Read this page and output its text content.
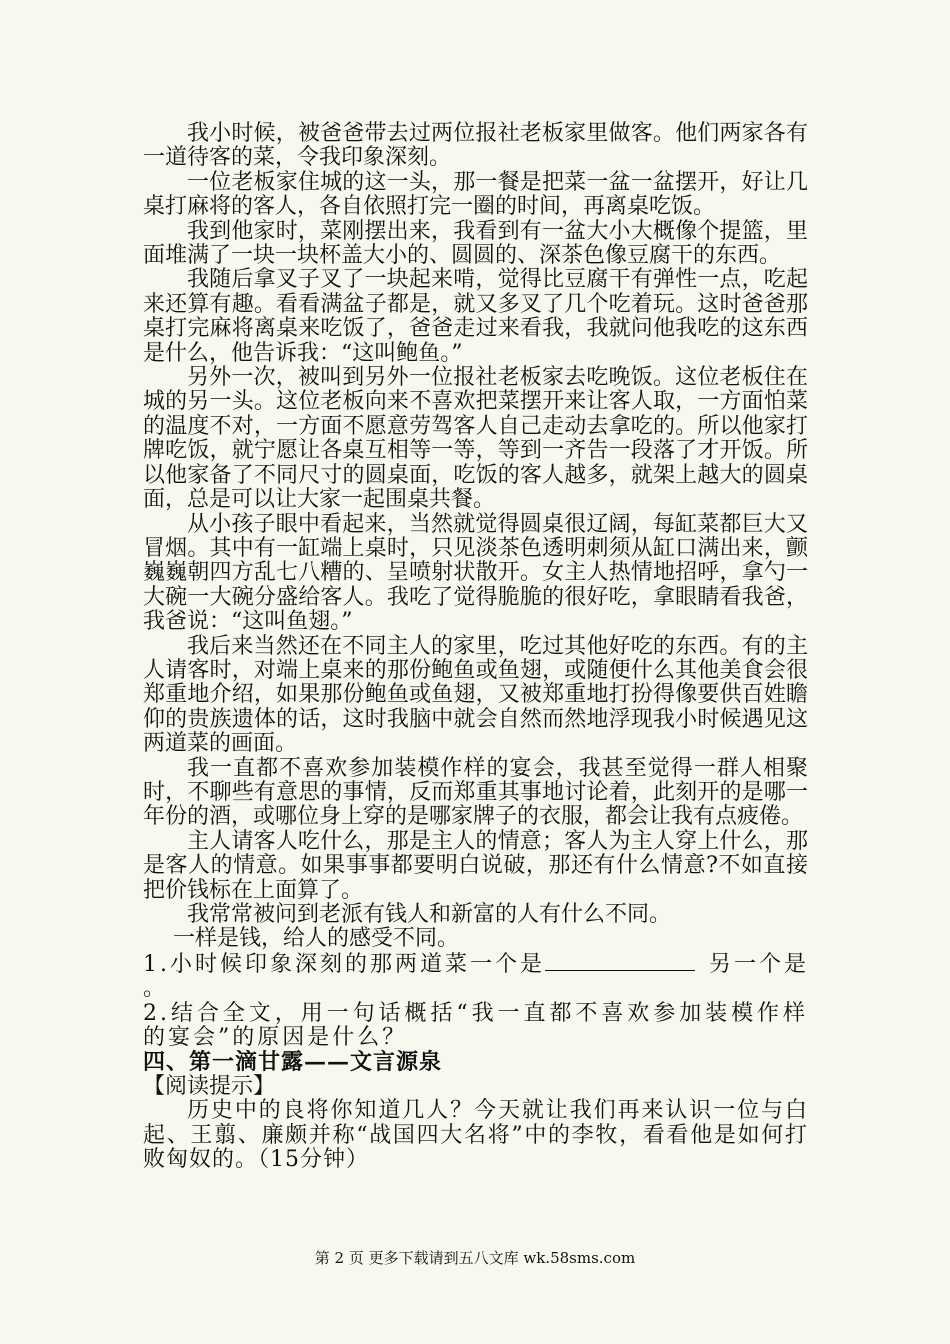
我小时候，被爸爸带去过两位报社老板家里做客。他们两家各有一道待客的菜，令我印象深刻。

一位老板家住城的这一头，那一餐是把菜一盆一盆摆开，好让几桌打麻将的客人，各自依照打完一圈的时间，再离桌吃饭。

我到他家时，菜刚摆出来，我看到有一盆大小大概像个提篮，里面堆满了一块一块杯盖大小的、圆圆的、深茶色像豆腐干的东西。

我随后拿叉子叉了一块起来啃，觉得比豆腐干有弹性一点，吃起来还算有趣。看看满盆子都是，就又多叉了几个吃着玩。这时爸爸那桌打完麻将离桌来吃饭了，爸爸走过来看我，我就问他我吃的这东西是什么，他告诉我：“这叫鲍鱼。”

另外一次，被叫到另外一位报社老板家去吃晚饭。这位老板住在城的另一头。这位老板向来不喜欢把菜摆开来让客人取，一方面怕菜的温度不对，一方面不愿意劳驾客人自己走动去拿吃的。所以他家打牌吃饭，就宁愿让各桌互相等一等，等到一齐告一段落了才开饭。所以他家备了不同尺寸的圆桌面，吃饭的客人越多，就架上越大的圆桌面，总是可以让大家一起围桌共餐。

从小孩子眼中看起来，当然就觉得圆桌很辽阔，每缸菜都巨大又冒烟。其中有一缸端上桌时，只见淡茶色透明刺须从缸口满出来，颤巍巍朝四方乱七八糟的、呈喷射状散开。女主人热情地招呼，拿勺一大碗一大碗分盛给客人。我吃了觉得脆脆的很好吃，拿眼睛看我爸，我爸说：“这叫鱼翅。”

我后来当然还在不同主人的家里，吃过其他好吃的东西。有的主人请客时，对端上桌来的那份鲍鱼或鱼翅，或随便什么其他美食会很郑重地介绍，如果那份鲍鱼或鱼翅，又被郑重地打扮得像要供百姓瞻仰的贵族遗体的话，这时我脑中就会自然而然地浮现我小时候遇见这两道菜的画面。

我一直都不喜欢参加装模作样的宴会，我甚至觉得一群人相聚时，不聊些有意思的事情，反而郑重其事地讨论着，此刻开的是哪一年份的酒，或哪位身上穿的是哪家牌子的衣服，都会让我有点疲倦。

主人请客人吃什么，那是主人的情意；客人为主人穿上什么，那是客人的情意。如果事事都要明白说破，那还有什么情意?不如直接把价钱标在上面算了。

我常常被问到老派有钱人和新富的人有什么不同。

一样是钱，给人的感受不同。

1.小时候印象深刻的那两道菜一个是	另一个是

。

2.结合全文，用一句话概括“我一直都不喜欢参加装模作样的宴会”的原因是什么？

四、第一滴甘露——文言源泉

【阅读提示】

历史中的良将你知道几人？今天就让我们再来认识一位与白起、王翦、廉颇并称“战国四大名将”中的李牧，看看他是如何打败匈奴的。（15分钟）

第 2 页 更多下载请到五八文库 wk.58sms.com
